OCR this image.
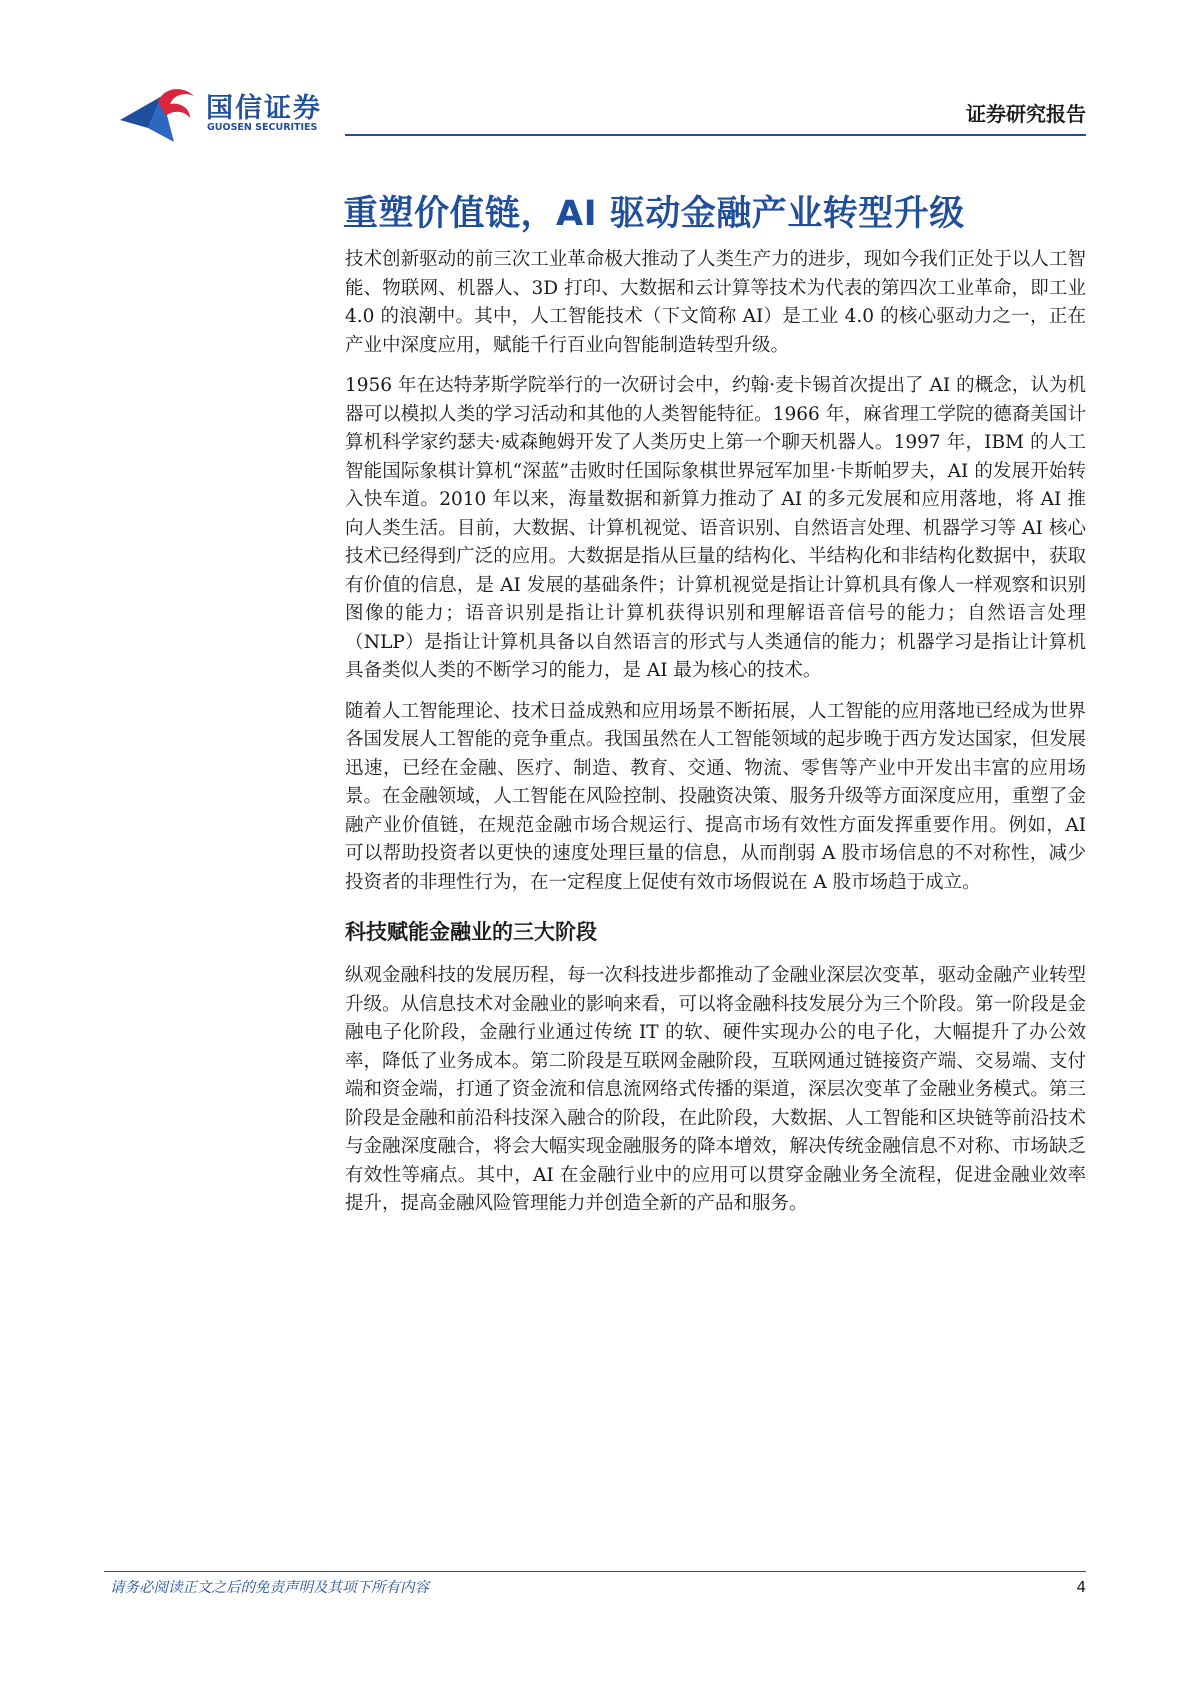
国信证券
GUOSEN SECURITIES
证券研究报告
重塑价值链，AI 驱动金融产业转型升级

技术创新驱动的前三次工业革命极大推动了人类生产力的进步，现如今我们正处于以人工智能、物联网、机器人、3D 打印、大数据和云计算等技术为代表的第四次工业革命，即工业 4.0 的浪潮中。其中，人工智能技术（下文简称 AI）是工业 4.0 的核心驱动力之一，正在产业中深度应用，赋能千行百业向智能制造转型升级。

1956 年在达特茅斯学院举行的一次研讨会中，约翰·麦卡锡首次提出了 AI 的概念，认为机器可以模拟人类的学习活动和其他的人类智能特征。1966 年，麻省理工学院的德裔美国计算机科学家约瑟夫·威森鲍姆开发了人类历史上第一个聊天机器人。1997 年，IBM 的人工智能国际象棋计算机“深蓝”击败时任国际象棋世界冠军加里·卡斯帕罗夫，AI 的发展开始转入快车道。2010 年以来，海量数据和新算力推动了 AI 的多元发展和应用落地，将 AI 推向人类生活。目前，大数据、计算机视觉、语音识别、自然语言处理、机器学习等 AI 核心技术已经得到广泛的应用。大数据是指从巨量的结构化、半结构化和非结构化数据中，获取有价值的信息，是 AI 发展的基础条件；计算机视觉是指让计算机具有像人一样观察和识别图像的能力；语音识别是指让计算机获得识别和理解语音信号的能力；自然语言处理（NLP）是指让计算机具备以自然语言的形式与人类通信的能力；机器学习是指让计算机具备类似人类的不断学习的能力，是 AI 最为核心的技术。

随着人工智能理论、技术日益成熟和应用场景不断拓展，人工智能的应用落地已经成为世界各国发展人工智能的竞争重点。我国虽然在人工智能领域的起步晚于西方发达国家，但发展迅速，已经在金融、医疗、制造、教育、交通、物流、零售等产业中开发出丰富的应用场景。在金融领域，人工智能在风险控制、投融资决策、服务升级等方面深度应用，重塑了金融产业价值链，在规范金融市场合规运行、提高市场有效性方面发挥重要作用。例如，AI 可以帮助投资者以更快的速度处理巨量的信息，从而削弱 A 股市场信息的不对称性，减少投资者的非理性行为，在一定程度上促使有效市场假说在 A 股市场趋于成立。

科技赋能金融业的三大阶段

纵观金融科技的发展历程，每一次科技进步都推动了金融业深层次变革，驱动金融产业转型升级。从信息技术对金融业的影响来看，可以将金融科技发展分为三个阶段。第一阶段是金融电子化阶段，金融行业通过传统 IT 的软、硬件实现办公的电子化，大幅提升了办公效率，降低了业务成本。第二阶段是互联网金融阶段，互联网通过链接资产端、交易端、支付端和资金端，打通了资金流和信息流网络式传播的渠道，深层次变革了金融业务模式。第三阶段是金融和前沿科技深入融合的阶段，在此阶段，大数据、人工智能和区块链等前沿技术与金融深度融合，将会大幅实现金融服务的降本增效，解决传统金融信息不对称、市场缺乏有效性等痛点。其中，AI 在金融行业中的应用可以贯穿金融业务全流程，促进金融业效率提升，提高金融风险管理能力并创造全新的产品和服务。

请务必阅读正文之后的免责声明及其项下所有内容	4
